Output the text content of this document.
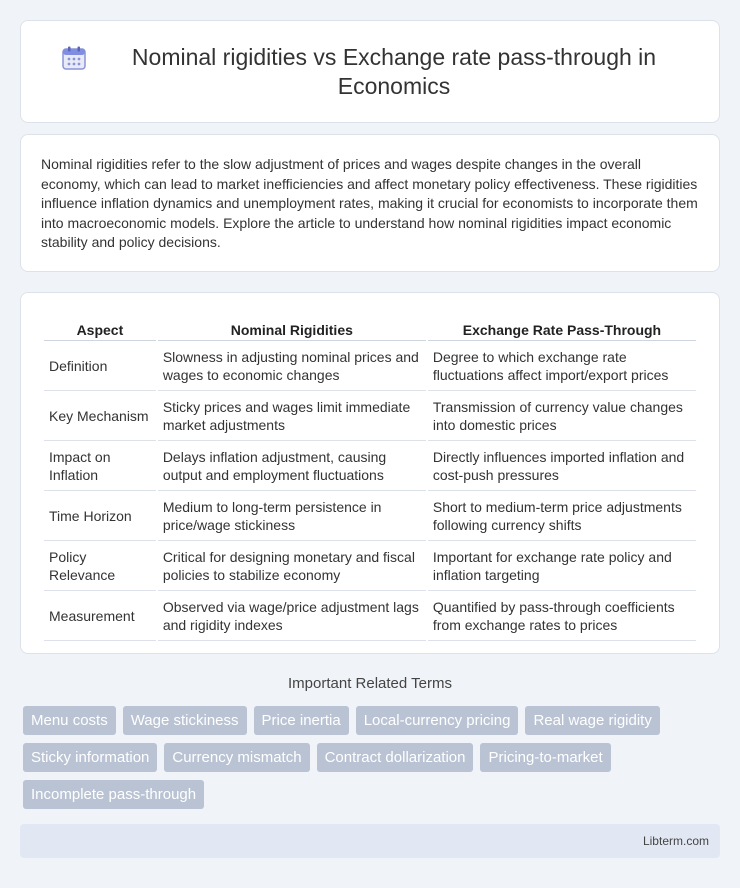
Nominal rigidities vs Exchange rate pass-through in Economics

Nominal rigidities refer to the slow adjustment of prices and wages despite changes in the overall economy, which can lead to market inefficiencies and affect monetary policy effectiveness. These rigidities influence inflation dynamics and unemployment rates, making it crucial for economists to incorporate them into macroeconomic models. Explore the article to understand how nominal rigidities impact economic stability and policy decisions.

Aspect	Nominal Rigidities	Exchange Rate Pass-Through
Definition	Slowness in adjusting nominal prices and wages to economic changes	Degree to which exchange rate fluctuations affect import/export prices
Key Mechanism	Sticky prices and wages limit immediate market adjustments	Transmission of currency value changes into domestic prices
Impact on Inflation	Delays inflation adjustment, causing output and employment fluctuations	Directly influences imported inflation and cost-push pressures
Time Horizon	Medium to long-term persistence in price/wage stickiness	Short to medium-term price adjustments following currency shifts
Policy Relevance	Critical for designing monetary and fiscal policies to stabilize economy	Important for exchange rate policy and inflation targeting
Measurement	Observed via wage/price adjustment lags and rigidity indexes	Quantified by pass-through coefficients from exchange rates to prices
Important Related Terms
Menu costs	Wage stickiness	Price inertia	Local-currency pricing	Real wage rigidity
Sticky information	Currency mismatch	Contract dollarization	Pricing-to-market
Incomplete pass-through
Libterm.com
